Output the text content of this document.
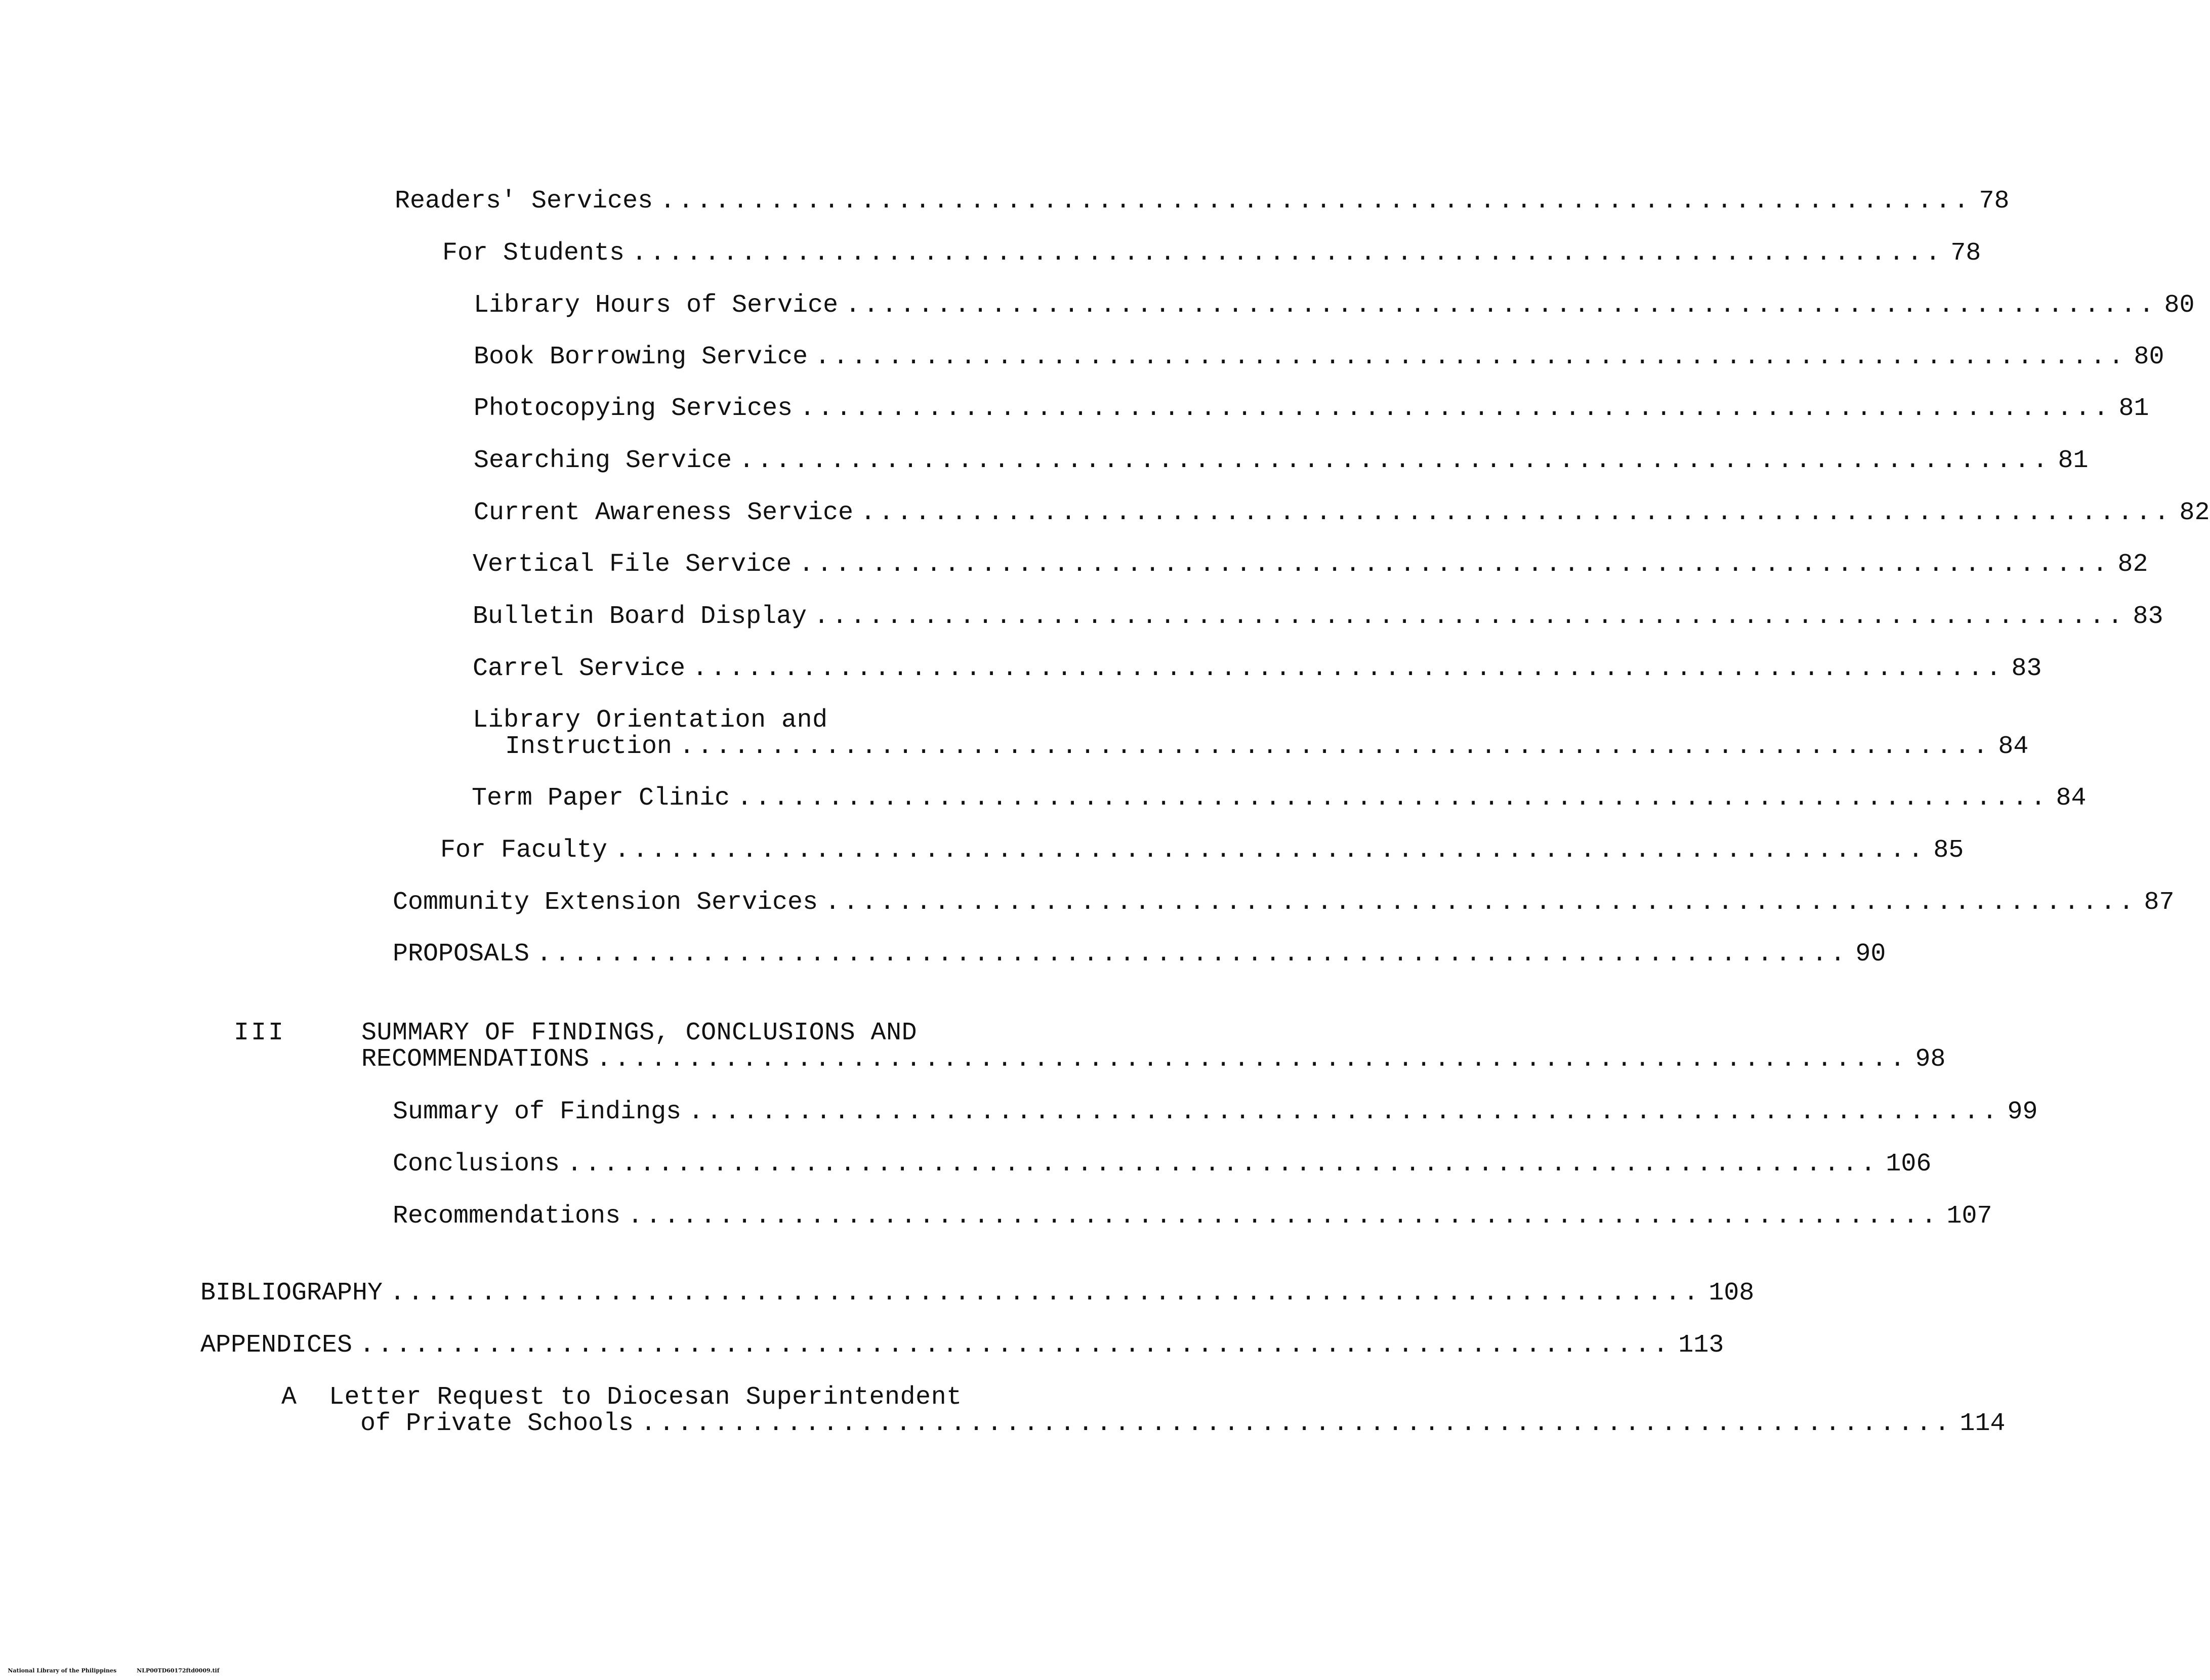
Readers' Services ........................................................................ 78
For Students ........................................................................ 78
Library Hours of Service ........................................................................ 80
Book Borrowing Service ........................................................................ 80
Photocopying Services ........................................................................ 81
Searching Service ........................................................................ 81
Current Awareness Service ........................................................................ 82
Vertical File Service ........................................................................ 82
Bulletin Board Display ........................................................................ 83
Carrel Service ........................................................................ 83
Library Orientation and
Instruction ........................................................................ 84
Term Paper Clinic ........................................................................ 84
For Faculty ........................................................................ 85
Community Extension Services ........................................................................ 87
PROPOSALS ........................................................................ 90
III	SUMMARY OF FINDINGS, CONCLUSIONS AND
RECOMMENDATIONS ........................................................................ 98
Summary of Findings ........................................................................ 99
Conclusions ........................................................................ 106
Recommendations ........................................................................ 107
BIBLIOGRAPHY ........................................................................ 108
APPENDICES ........................................................................ 113
A Letter Request to Diocesan Superintendent
of Private Schools ........................................................................ 114

National Library of the Philippines	NLP00TD60172ftd0009.tif
